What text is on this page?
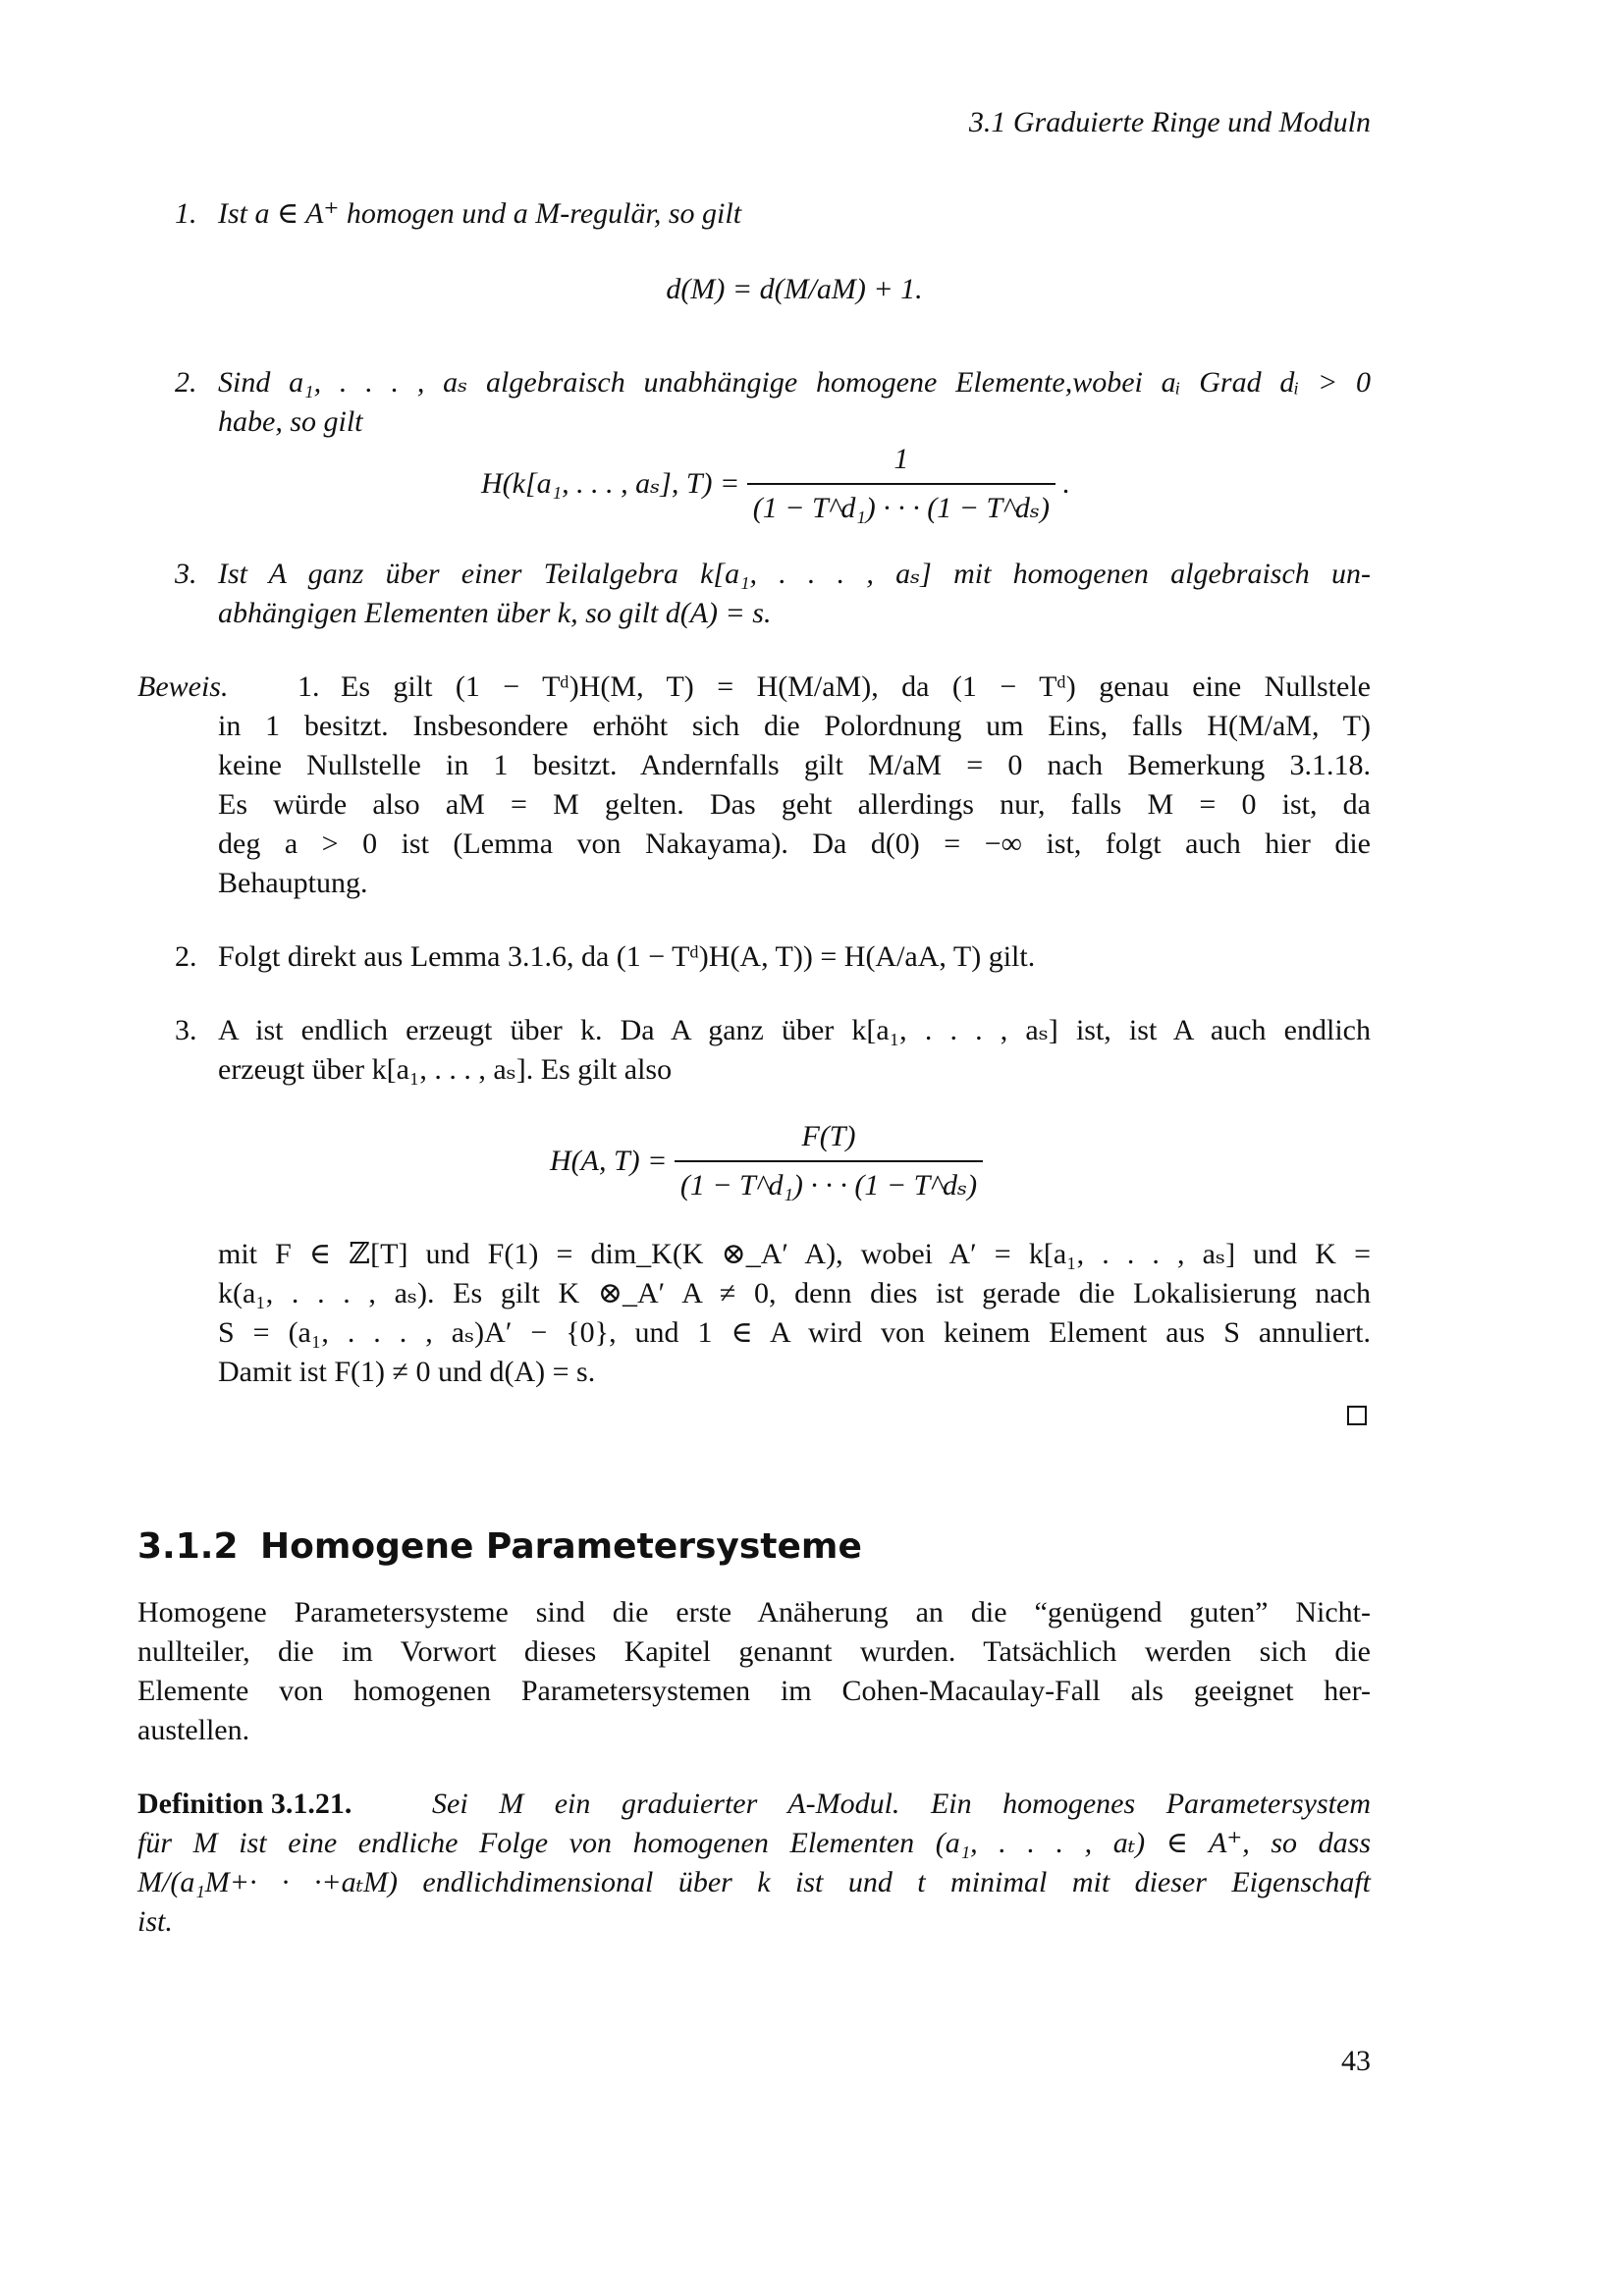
3.1 Graduierte Ringe und Moduln
1. Ist a ∈ A⁺ homogen und a M-regulär, so gilt
d(M) = d(M/aM) + 1.
2. Sind a₁, . . . , aₛ algebraisch unabhängige homogene Elemente,wobei aᵢ Grad dᵢ > 0
habe, so gilt
H(k[a₁, . . . , aₛ], $T) = \frac{1}{\text{(1 − T\textasciicircum{}d₁) · · · (1 − T\textasciicircum{}dₛ)}}$ .
3. Ist A ganz über einer Teilalgebra k[a₁, . . . , aₛ] mit homogenen algebraisch un-
abhängigen Elementen über k, so gilt d(A) = s.
Beweis. 1. Es gilt (1 − Tᵈ)H(M, T) = H(M/aM), da (1 − Tᵈ) genau eine Nullstele
in 1 besitzt. Insbesondere erhöht sich die Polordnung um Eins, falls H(M/aM, T)
keine Nullstelle in 1 besitzt. Andernfalls gilt M/aM = 0 nach Bemerkung 3.1.18.
Es würde also aM = M gelten. Das geht allerdings nur, falls M = 0 ist, da
deg a > 0 ist (Lemma von Nakayama). Da d(0) = −∞ ist, folgt auch hier die
Behauptung.
2. Folgt direkt aus Lemma 3.1.6, da (1 − Tᵈ)H(A, T)) = H(A/aA, T) gilt.
3. A ist endlich erzeugt über k. Da A ganz über k[a₁, . . . , aₛ] ist, ist A auch endlich
erzeugt über k[a₁, . . . , aₛ]. Es gilt also
H(A, $T) = \frac{F(T)}{\text{(1 − T\textasciicircum{}d₁) · · · (1 − T\textasciicircum{}dₛ)}}$
mit F ∈ ℤ[T] und F(1) = dim_K(K ⊗_A′ A), wobei A′ = k[a₁, . . . , aₛ] und K =
k(a₁, . . . , aₛ). Es gilt K ⊗_A′ A ≠ 0, denn dies ist gerade die Lokalisierung nach
S = (a₁, . . . , aₛ)A′ − {0}, und 1 ∈ A wird von keinem Element aus S annuliert.
Damit ist F(1) ≠ 0 und d(A) = s.
3.1.2 Homogene Parametersysteme
Homogene Parametersysteme sind die erste Anäherung an die “genügend guten” Nicht-
nullteiler, die im Vorwort dieses Kapitel genannt wurden. Tatsächlich werden sich die
Elemente von homogenen Parametersystemen im Cohen-Macaulay-Fall als geeignet her-
austellen.
Definition 3.1.21.	Sei M ein graduierter A-Modul. Ein homogenes Parametersystem
für M ist eine endliche Folge von homogenen Elementen (a₁, . . . , aₜ) ∈ A⁺, so dass
M/(a₁M+· · ·+aₜM) endlichdimensional über k ist und t minimal mit dieser Eigenschaft
ist.
43
